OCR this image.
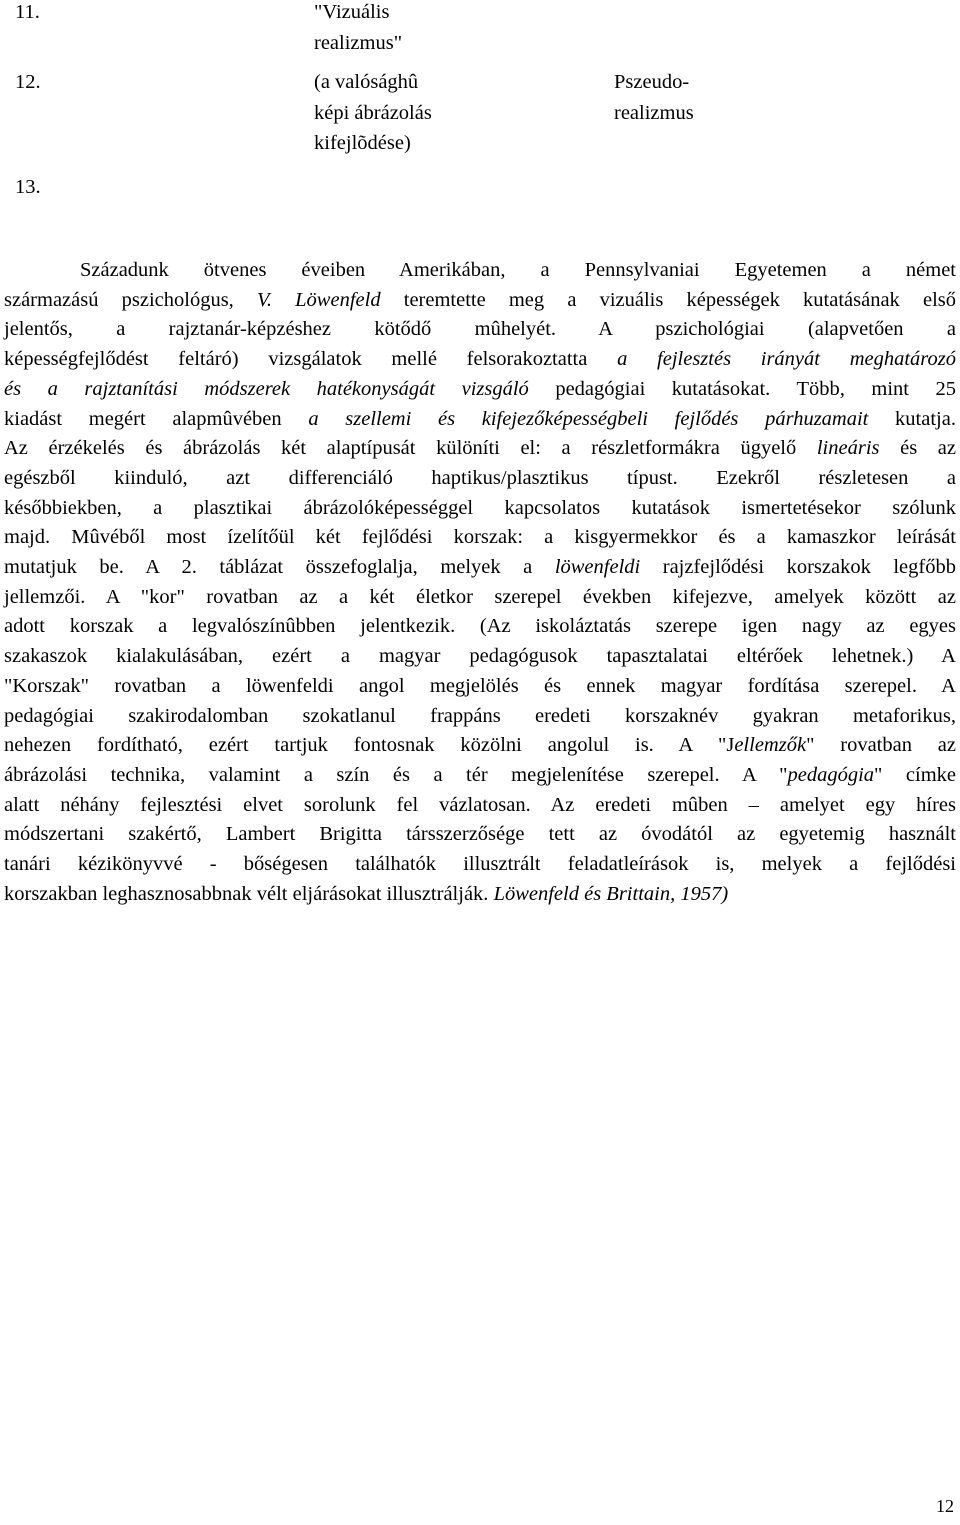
11.	"Vizuális
realizmus"
12.	(a valósághû
képi ábrázolás
kifejlõdése)
Pszeudo-
realizmus
13.
Századunk ötvenes éveiben Amerikában, a Pennsylvaniai Egyetemen a német
származású pszichológus, V. Löwenfeld teremtette meg a vizuális képességek kutatásának első
jelentős, a rajztanár-képzéshez kötődő mûhelyét. A pszichológiai (alapvetően a
képességfejlődést feltáró) vizsgálatok mellé felsorakoztatta a fejlesztés irányát meghatározó
és a rajztanítási módszerek hatékonyságát vizsgáló pedagógiai kutatásokat. Több, mint 25
kiadást megért alapmûvében a szellemi és kifejezőképességbeli fejlődés párhuzamait kutatja.
Az érzékelés és ábrázolás két alaptípusát különíti el: a részletformákra ügyelő lineáris és az
egészből kiinduló, azt differenciáló haptikus/plasztikus típust. Ezekről részletesen a
későbbiekben, a plasztikai ábrázolóképességgel kapcsolatos kutatások ismertetésekor szólunk
majd. Mûvéből most ízelítőül két fejlődési korszak: a kisgyermekkor és a kamaszkor leírását
mutatjuk be. A 2. táblázat összefoglalja, melyek a löwenfeldi rajzfejlődési korszakok legfőbb
jellemzői. A "kor" rovatban az a két életkor szerepel években kifejezve, amelyek között az
adott korszak a legvalószínûbben jelentkezik. (Az iskoláztatás szerepe igen nagy az egyes
szakaszok kialakulásában, ezért a magyar pedagógusok tapasztalatai eltérőek lehetnek.) A
"Korszak" rovatban a löwenfeldi angol megjelölés és ennek magyar fordítása szerepel. A
pedagógiai szakirodalomban szokatlanul frappáns eredeti korszaknév gyakran metaforikus,
nehezen fordítható, ezért tartjuk fontosnak közölni angolul is. A "Jellemzők" rovatban az
ábrázolási technika, valamint a szín és a tér megjelenítése szerepel. A "pedagógia" címke
alatt néhány fejlesztési elvet sorolunk fel vázlatosan. Az eredeti mûben – amelyet egy híres
módszertani szakértő, Lambert Brigitta társszerzősége tett az óvodától az egyetemig használt
tanári kézikönyvvé - bőségesen találhatók illusztrált feladatleírások is, melyek a fejlődési
korszakban leghasznosabbnak vélt eljárásokat illusztrálják. Löwenfeld és Brittain, 1957)
12
